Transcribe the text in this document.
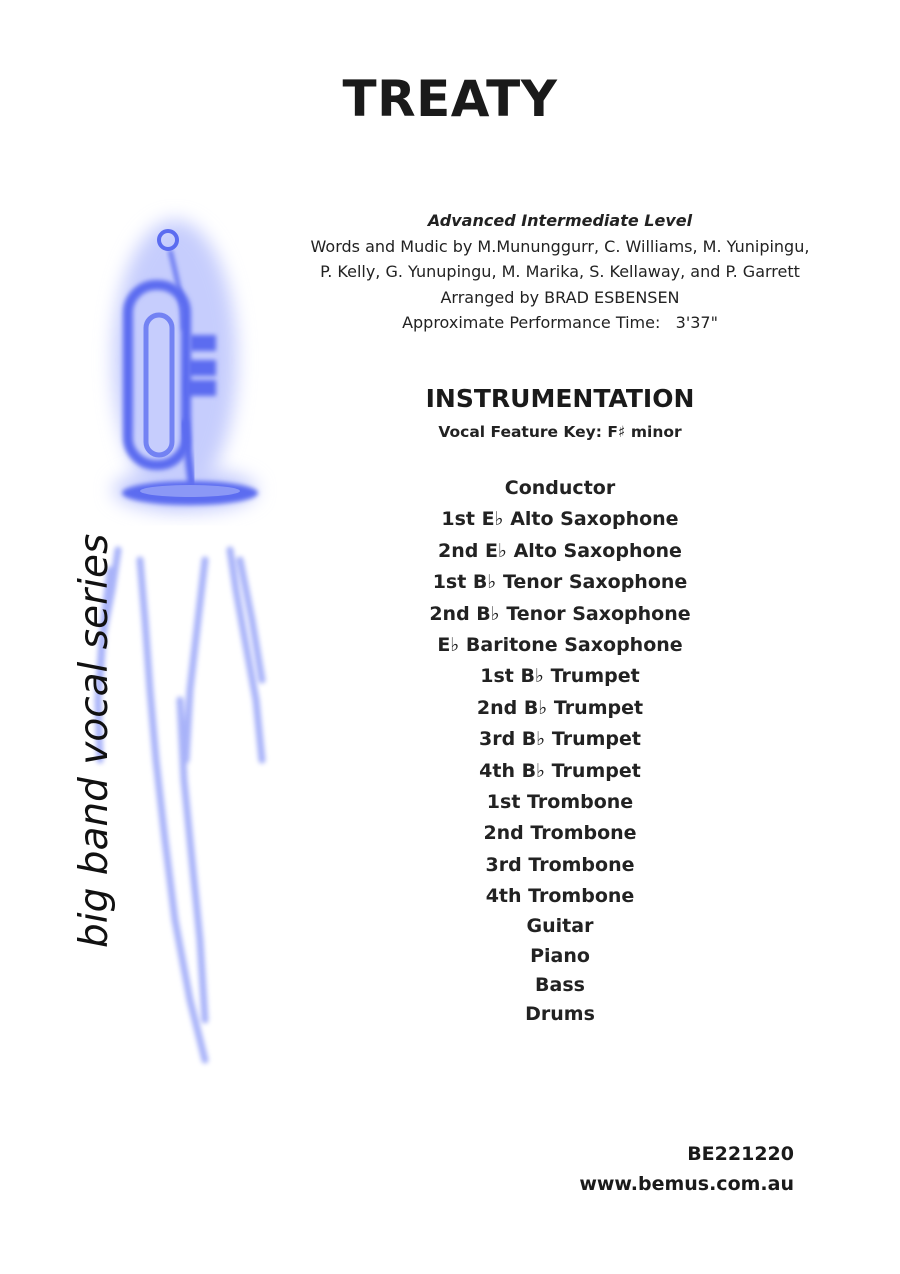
big band vocal series
TREATY
Advanced Intermediate Level
Words and Mudic by M.Mununggurr, C. Williams, M. Yunipingu,
P. Kelly, G. Yunupingu, M. Marika, S. Kellaway, and P. Garrett
Arranged by BRAD ESBENSEN
Approximate Performance Time: 3'37"
INSTRUMENTATION
Vocal Feature Key: F♯ minor
Conductor
1st E♭ Alto Saxophone
2nd E♭ Alto Saxophone
1st B♭ Tenor Saxophone
2nd B♭ Tenor Saxophone
E♭ Baritone Saxophone
1st B♭ Trumpet
2nd B♭ Trumpet
3rd B♭ Trumpet
4th B♭ Trumpet
1st Trombone
2nd Trombone
3rd Trombone
4th Trombone
Guitar
Piano
Bass
Drums
BE221220
www.bemus.com.au
